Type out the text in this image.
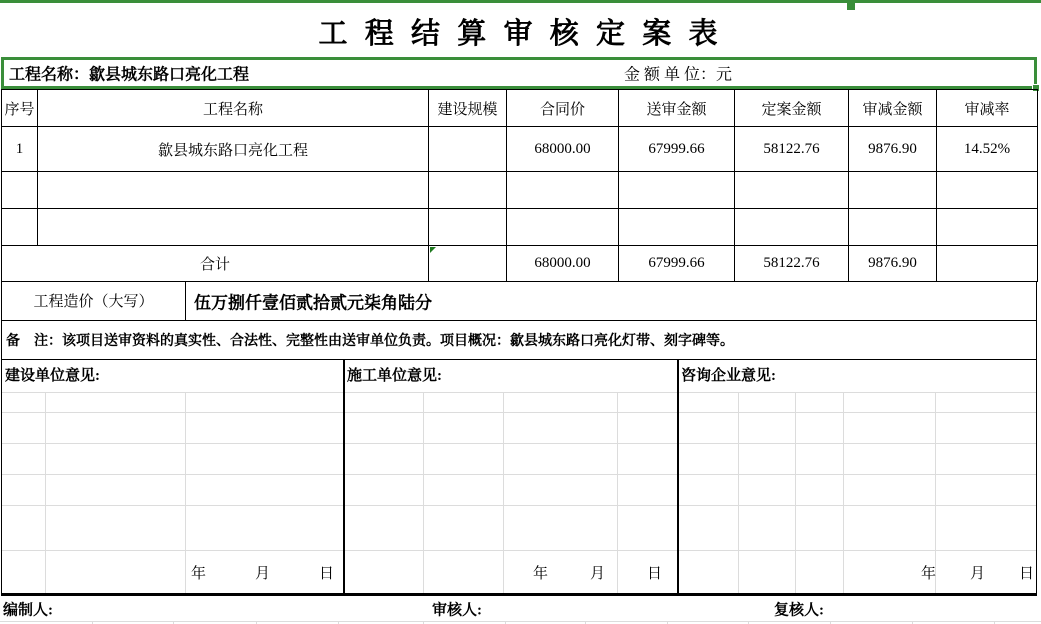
工 程 结 算 审 核 定 案 表
工程名称：歙县城东路口亮化工程	金 额 单 位：元
序号	工程名称	建设规模	合同价	送审金额	定案金额	审减金额	审减率
1	歙县城东路口亮化工程		68000.00	67999.66	58122.76	9876.90	14.52%

合计			68000.00	67999.66	58122.76	9876.90	
工程造价（大写）	伍万捌仟壹佰贰拾贰元柒角陆分
备    注：该项目送审资料的真实性、合法性、完整性由送审单位负责。项目概况：歙县城东路口亮化灯带、刻字碑等。
建设单位意见:	施工单位意见:	咨询企业意见:
年	月	日	年	月	日	年 月 日
编制人:	审核人:	复核人:
